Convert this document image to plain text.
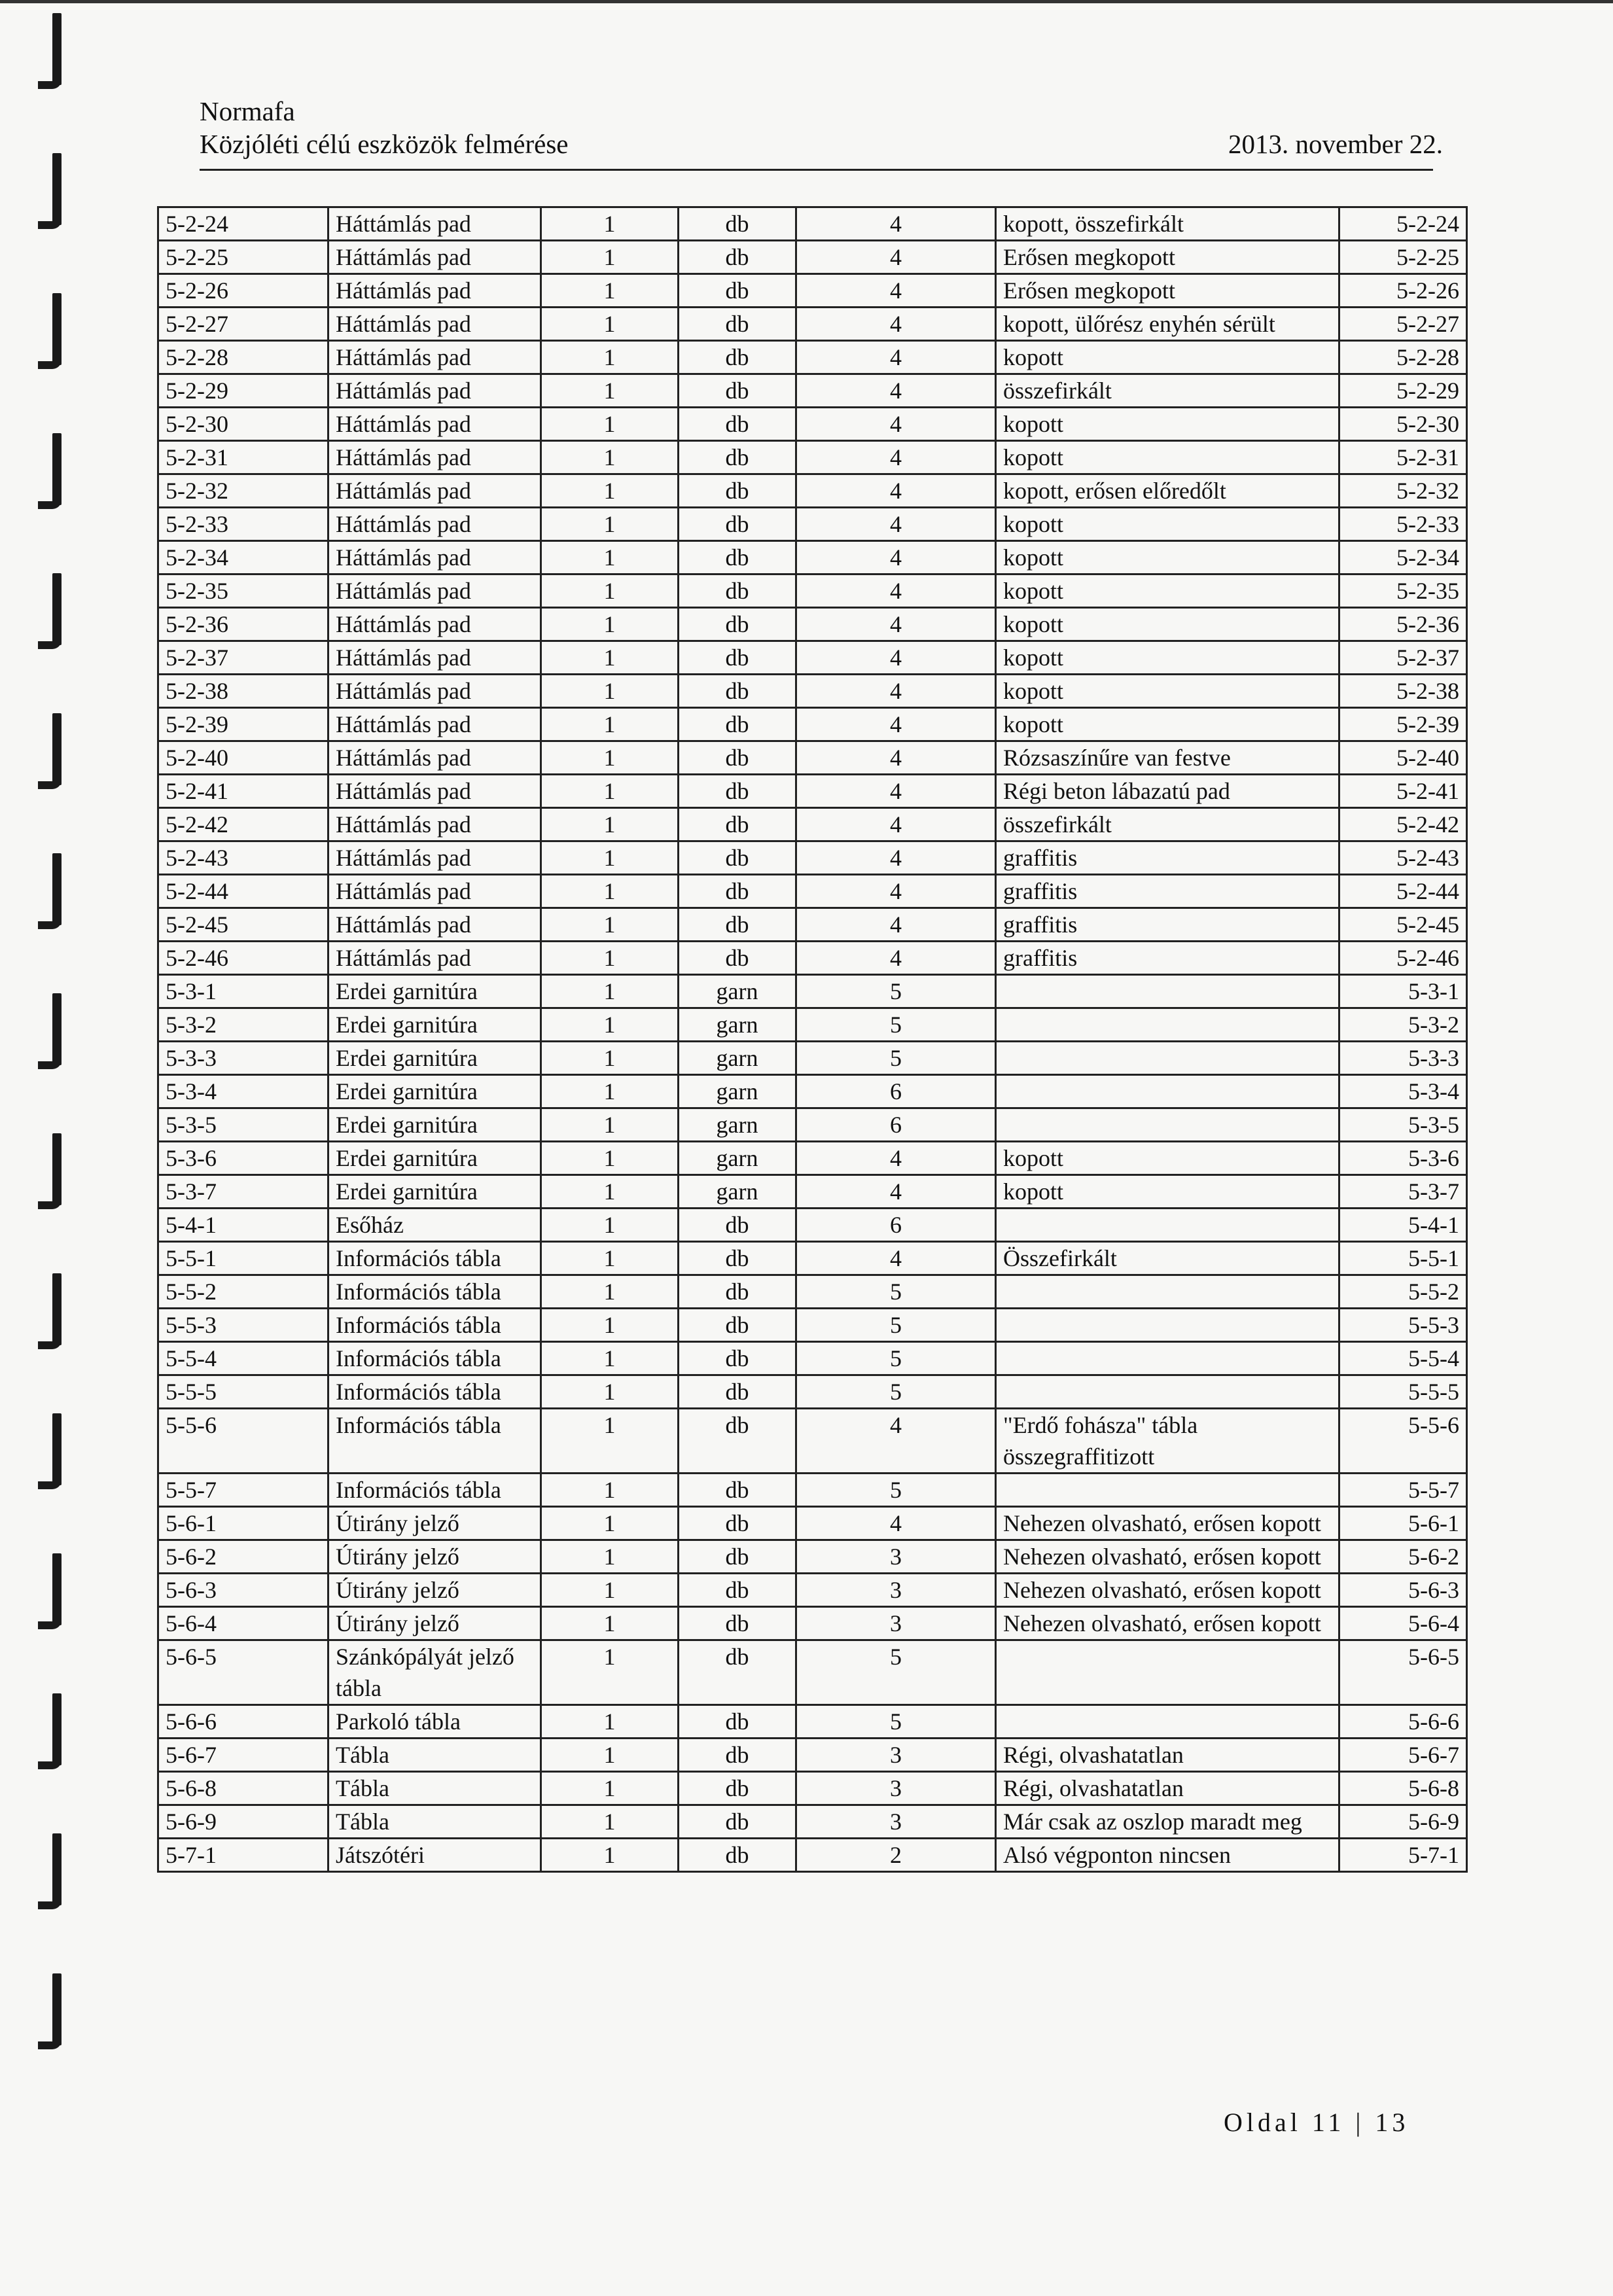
Normafa
Közjóléti célú eszközök felmérése	2013. november 22.
5-2-24	Háttámlás pad	1	db	4	kopott, összefirkált	5-2-24
5-2-25	Háttámlás pad	1	db	4	Erősen megkopott	5-2-25
5-2-26	Háttámlás pad	1	db	4	Erősen megkopott	5-2-26
5-2-27	Háttámlás pad	1	db	4	kopott, ülőrész enyhén sérült	5-2-27
5-2-28	Háttámlás pad	1	db	4	kopott	5-2-28
5-2-29	Háttámlás pad	1	db	4	összefirkált	5-2-29
5-2-30	Háttámlás pad	1	db	4	kopott	5-2-30
5-2-31	Háttámlás pad	1	db	4	kopott	5-2-31
5-2-32	Háttámlás pad	1	db	4	kopott, erősen előredőlt	5-2-32
5-2-33	Háttámlás pad	1	db	4	kopott	5-2-33
5-2-34	Háttámlás pad	1	db	4	kopott	5-2-34
5-2-35	Háttámlás pad	1	db	4	kopott	5-2-35
5-2-36	Háttámlás pad	1	db	4	kopott	5-2-36
5-2-37	Háttámlás pad	1	db	4	kopott	5-2-37
5-2-38	Háttámlás pad	1	db	4	kopott	5-2-38
5-2-39	Háttámlás pad	1	db	4	kopott	5-2-39
5-2-40	Háttámlás pad	1	db	4	Rózsaszínűre van festve	5-2-40
5-2-41	Háttámlás pad	1	db	4	Régi beton lábazatú pad	5-2-41
5-2-42	Háttámlás pad	1	db	4	összefirkált	5-2-42
5-2-43	Háttámlás pad	1	db	4	graffitis	5-2-43
5-2-44	Háttámlás pad	1	db	4	graffitis	5-2-44
5-2-45	Háttámlás pad	1	db	4	graffitis	5-2-45
5-2-46	Háttámlás pad	1	db	4	graffitis	5-2-46
5-3-1	Erdei garnitúra	1	garn	5		5-3-1
5-3-2	Erdei garnitúra	1	garn	5		5-3-2
5-3-3	Erdei garnitúra	1	garn	5		5-3-3
5-3-4	Erdei garnitúra	1	garn	6		5-3-4
5-3-5	Erdei garnitúra	1	garn	6		5-3-5
5-3-6	Erdei garnitúra	1	garn	4	kopott	5-3-6
5-3-7	Erdei garnitúra	1	garn	4	kopott	5-3-7
5-4-1	Esőház	1	db	6		5-4-1
5-5-1	Információs tábla	1	db	4	Összefirkált	5-5-1
5-5-2	Információs tábla	1	db	5		5-5-2
5-5-3	Információs tábla	1	db	5		5-5-3
5-5-4	Információs tábla	1	db	5		5-5-4
5-5-5	Információs tábla	1	db	5		5-5-5
5-5-6	Információs tábla	1	db	4	"Erdő fohásza" tábla összegraffitizott	5-5-6
5-5-7	Információs tábla	1	db	5		5-5-7
5-6-1	Útirány jelző	1	db	4	Nehezen olvasható, erősen kopott	5-6-1
5-6-2	Útirány jelző	1	db	3	Nehezen olvasható, erősen kopott	5-6-2
5-6-3	Útirány jelző	1	db	3	Nehezen olvasható, erősen kopott	5-6-3
5-6-4	Útirány jelző	1	db	3	Nehezen olvasható, erősen kopott	5-6-4
5-6-5	Szánkópályát jelző tábla	1	db	5		5-6-5
5-6-6	Parkoló tábla	1	db	5		5-6-6
5-6-7	Tábla	1	db	3	Régi, olvashatatlan	5-6-7
5-6-8	Tábla	1	db	3	Régi, olvashatatlan	5-6-8
5-6-9	Tábla	1	db	3	Már csak az oszlop maradt meg	5-6-9
5-7-1	Játszótéri	1	db	2	Alsó végponton nincsen	5-7-1
Oldal 11 | 13
